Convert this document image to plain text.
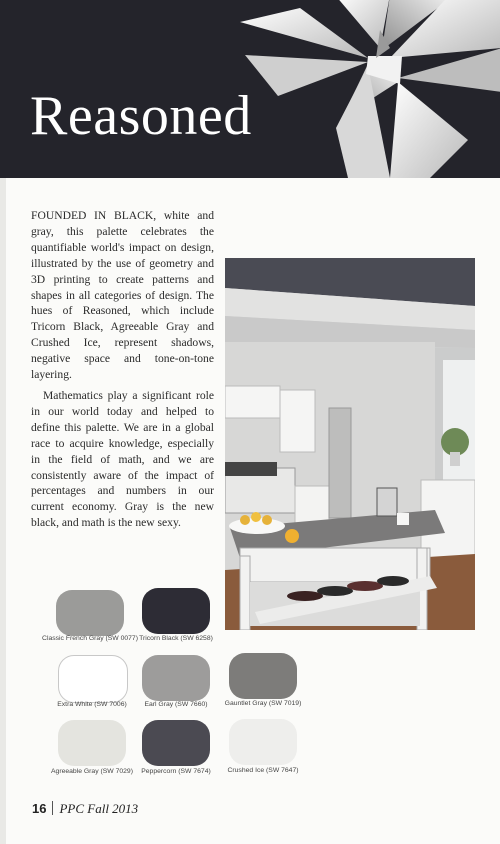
Reasoned

FOUNDED IN BLACK, white and gray, this palette celebrates the quantifiable world's impact on design, illustrated by the use of geometry and 3D printing to create patterns and shapes in all categories of design. The hues of Reasoned, which include Tricorn Black, Agreeable Gray and Crushed Ice, represent shadows, negative space and tone-on-tone layering.

Mathematics play a significant role in our world today and helped to define this palette. We are in a global race to acquire knowledge, especially in the field of math, and we are consistently aware of the impact of percentages and numbers in our current economy. Gray is the new black, and math is the new sexy.

Classic French Gray (SW 0077) Tricorn Black (SW 6258)
Extra White (SW 7006)	Earl Gray (SW 7660)	Gauntlet Gray (SW 7019)
Agreeable Gray (SW 7029)	Peppercorn (SW 7674)	Crushed Ice (SW 7647)
16 PPC Fall 2013
